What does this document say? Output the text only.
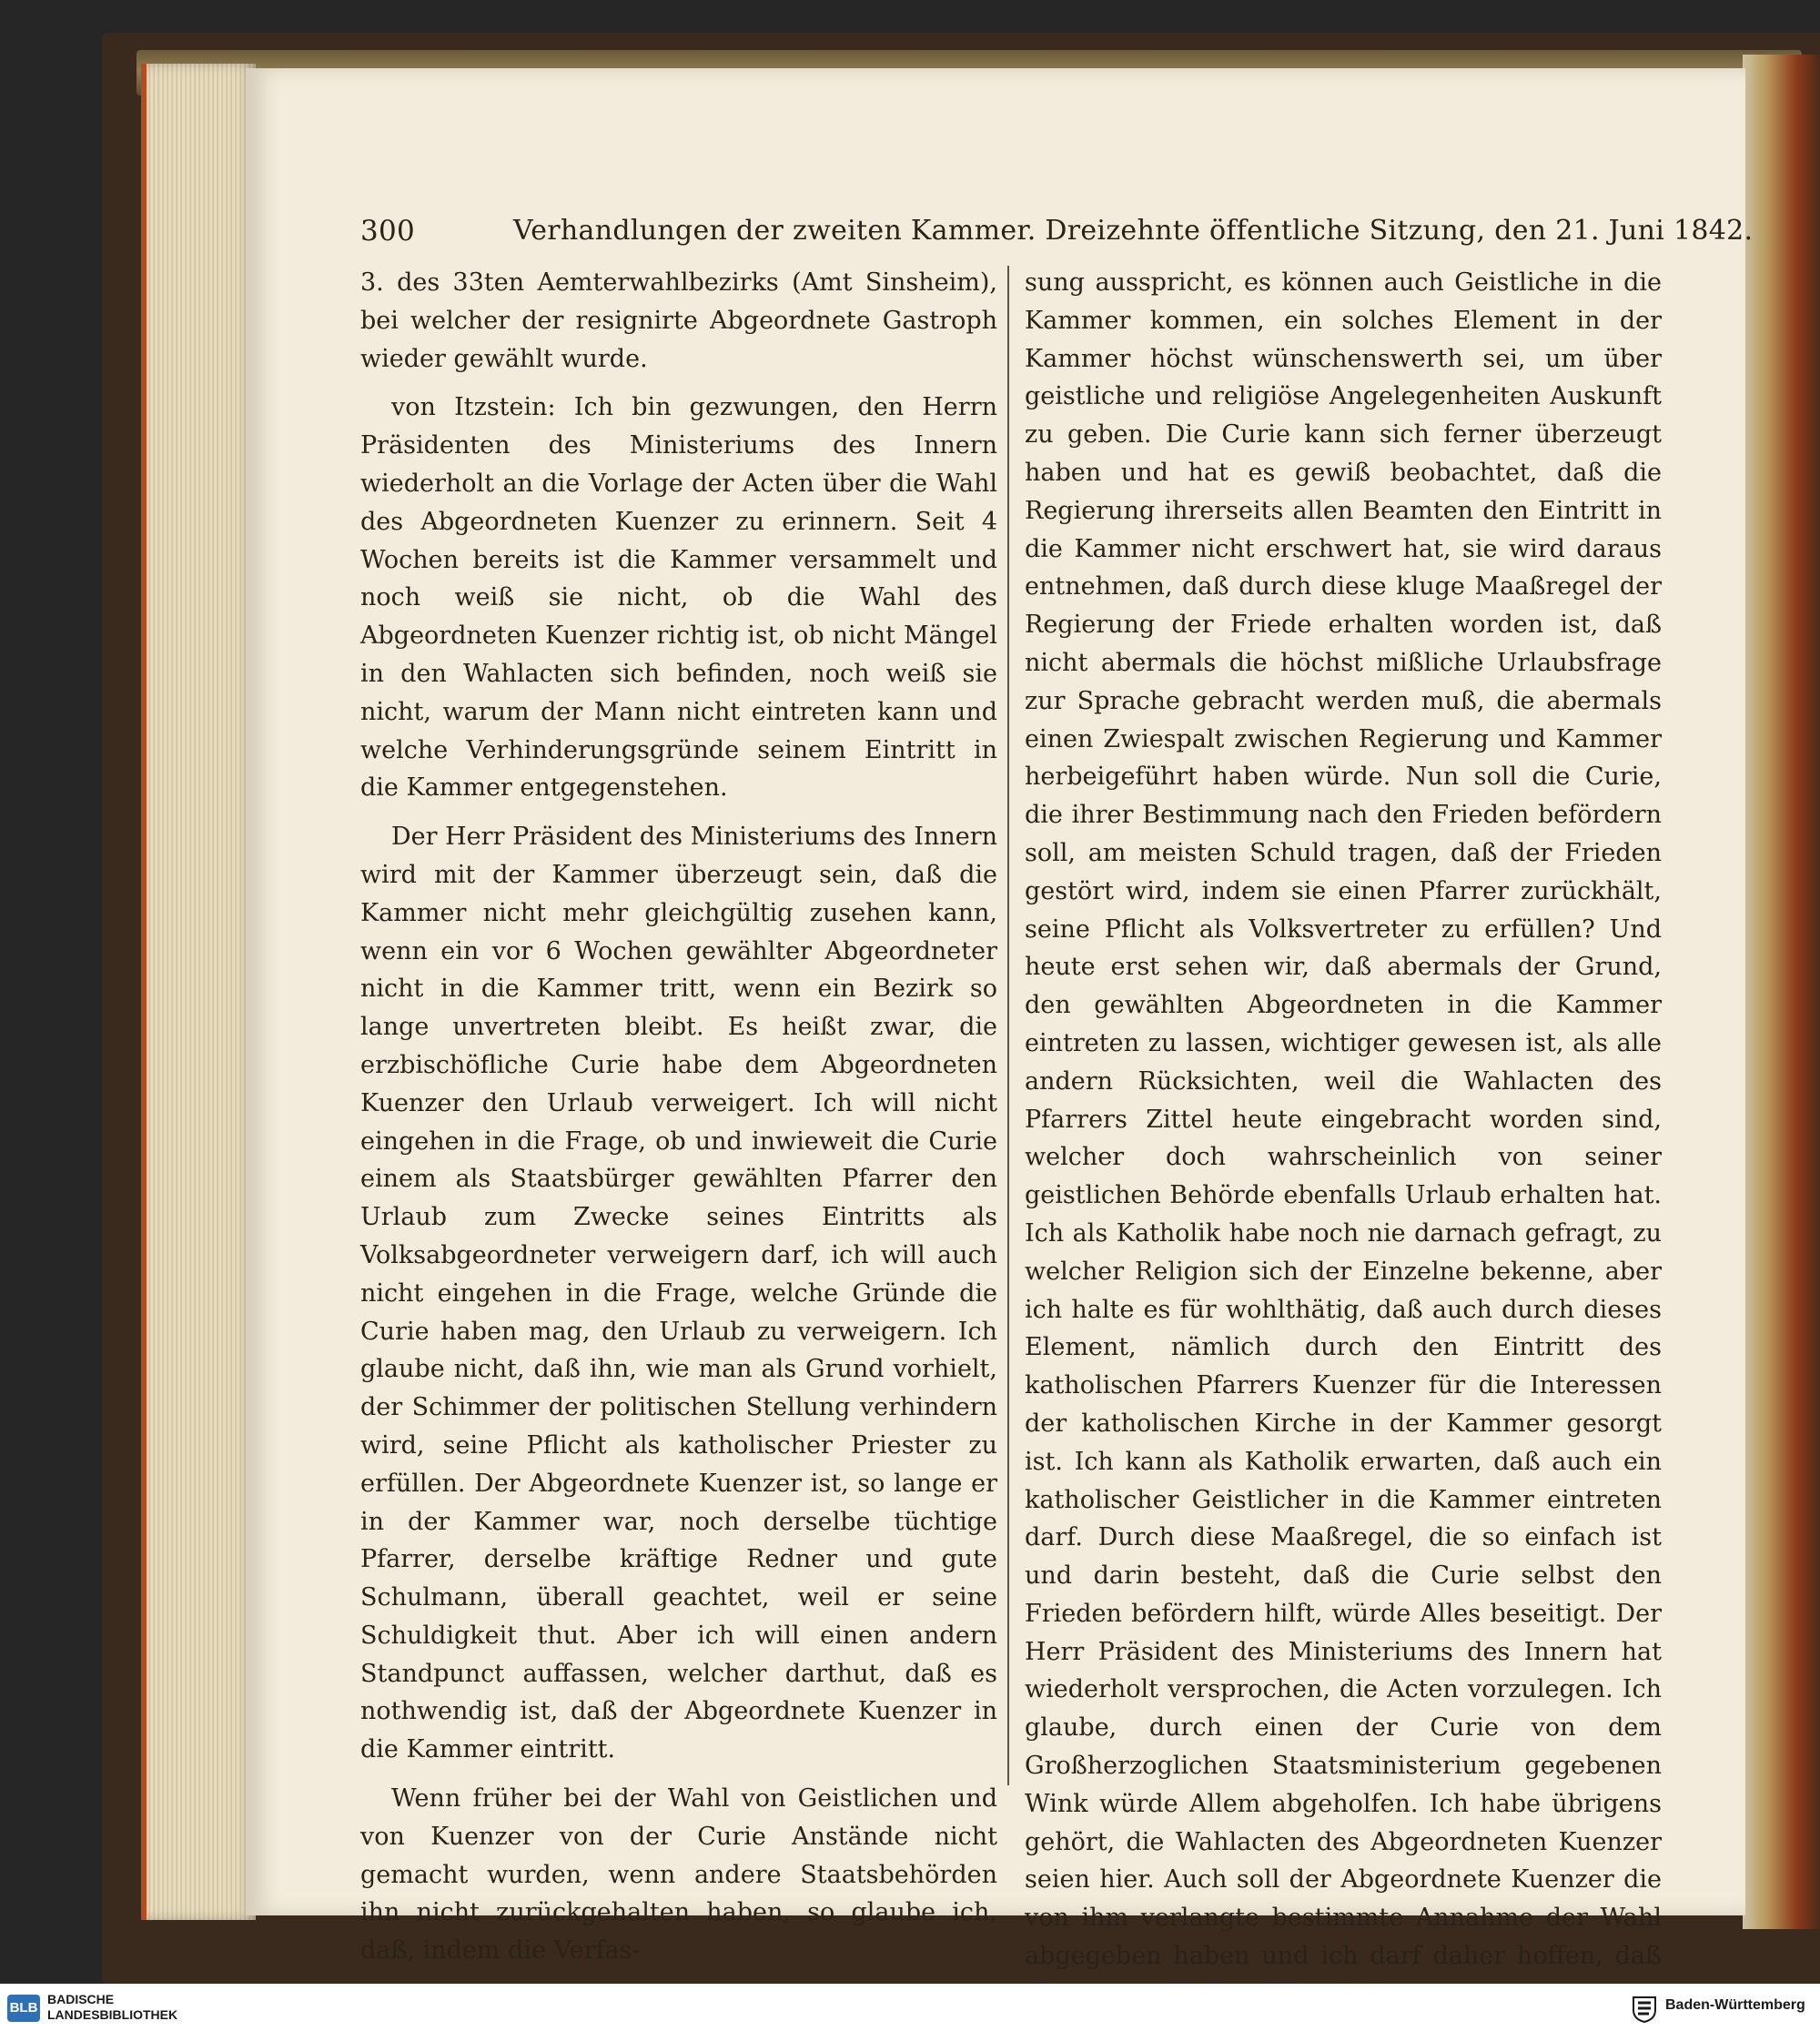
300	Verhandlungen der zweiten Kammer. Dreizehnte öffentliche Sitzung, den 21. Juni 1842.

3. des 33ten Aemterwahlbezirks (Amt Sinsheim), bei welcher der resignirte Abgeordnete Gastroph wieder gewählt wurde.

von Itzstein: Ich bin gezwungen, den Herrn Präsidenten des Ministeriums des Innern wiederholt an die Vorlage der Acten über die Wahl des Abgeordneten Kuenzer zu erinnern. Seit 4 Wochen bereits ist die Kammer versammelt und noch weiß sie nicht, ob die Wahl des Abgeordneten Kuenzer richtig ist, ob nicht Mängel in den Wahlacten sich befinden, noch weiß sie nicht, warum der Mann nicht eintreten kann und welche Verhinderungsgründe seinem Eintritt in die Kammer entgegenstehen.

Der Herr Präsident des Ministeriums des Innern wird mit der Kammer überzeugt sein, daß die Kammer nicht mehr gleichgültig zusehen kann, wenn ein vor 6 Wochen gewählter Abgeordneter nicht in die Kammer tritt, wenn ein Bezirk so lange unvertreten bleibt. Es heißt zwar, die erzbischöfliche Curie habe dem Abgeordneten Kuenzer den Urlaub verweigert. Ich will nicht eingehen in die Frage, ob und inwieweit die Curie einem als Staatsbürger gewählten Pfarrer den Urlaub zum Zwecke seines Eintritts als Volksabgeordneter verweigern darf, ich will auch nicht eingehen in die Frage, welche Gründe die Curie haben mag, den Urlaub zu verweigern. Ich glaube nicht, daß ihn, wie man als Grund vorhielt, der Schimmer der politischen Stellung verhindern wird, seine Pflicht als katholischer Priester zu erfüllen. Der Abgeordnete Kuenzer ist, so lange er in der Kammer war, noch derselbe tüchtige Pfarrer, derselbe kräftige Redner und gute Schulmann, überall geachtet, weil er seine Schuldigkeit thut. Aber ich will einen andern Standpunct auffassen, welcher darthut, daß es nothwendig ist, daß der Abgeordnete Kuenzer in die Kammer eintritt.

Wenn früher bei der Wahl von Geistlichen und von Kuenzer von der Curie Anstände nicht gemacht wurden, wenn andere Staatsbehörden ihn nicht zurückgehalten haben, so glaube ich, daß, indem die Verfas-

sung ausspricht, es können auch Geistliche in die Kammer kommen, ein solches Element in der Kammer höchst wünschenswerth sei, um über geistliche und religiöse Angelegenheiten Auskunft zu geben. Die Curie kann sich ferner überzeugt haben und hat es gewiß beobachtet, daß die Regierung ihrerseits allen Beamten den Eintritt in die Kammer nicht erschwert hat, sie wird daraus entnehmen, daß durch diese kluge Maaßregel der Regierung der Friede erhalten worden ist, daß nicht abermals die höchst mißliche Urlaubsfrage zur Sprache gebracht werden muß, die abermals einen Zwiespalt zwischen Regierung und Kammer herbeigeführt haben würde. Nun soll die Curie, die ihrer Bestimmung nach den Frieden befördern soll, am meisten Schuld tragen, daß der Frieden gestört wird, indem sie einen Pfarrer zurückhält, seine Pflicht als Volksvertreter zu erfüllen? Und heute erst sehen wir, daß abermals der Grund, den gewählten Abgeordneten in die Kammer eintreten zu lassen, wichtiger gewesen ist, als alle andern Rücksichten, weil die Wahlacten des Pfarrers Zittel heute eingebracht worden sind, welcher doch wahrscheinlich von seiner geistlichen Behörde ebenfalls Urlaub erhalten hat. Ich als Katholik habe noch nie darnach gefragt, zu welcher Religion sich der Einzelne bekenne, aber ich halte es für wohlthätig, daß auch durch dieses Element, nämlich durch den Eintritt des katholischen Pfarrers Kuenzer für die Interessen der katholischen Kirche in der Kammer gesorgt ist. Ich kann als Katholik erwarten, daß auch ein katholischer Geistlicher in die Kammer eintreten darf. Durch diese Maaßregel, die so einfach ist und darin besteht, daß die Curie selbst den Frieden befördern hilft, würde Alles beseitigt. Der Herr Präsident des Ministeriums des Innern hat wiederholt versprochen, die Acten vorzulegen. Ich glaube, durch einen der Curie von dem Großherzoglichen Staatsministerium gegebenen Wink würde Allem abgeholfen. Ich habe übrigens gehört, die Wahlacten des Abgeordneten Kuenzer seien hier. Auch soll der Abgeordnete Kuenzer die von ihm verlangte bestimmte Annahme der Wahl abgegeben haben und ich darf daher hoffen, daß

BLB
BADISCHE
LANDESBIBLIOTHEK
Baden-Württemberg
